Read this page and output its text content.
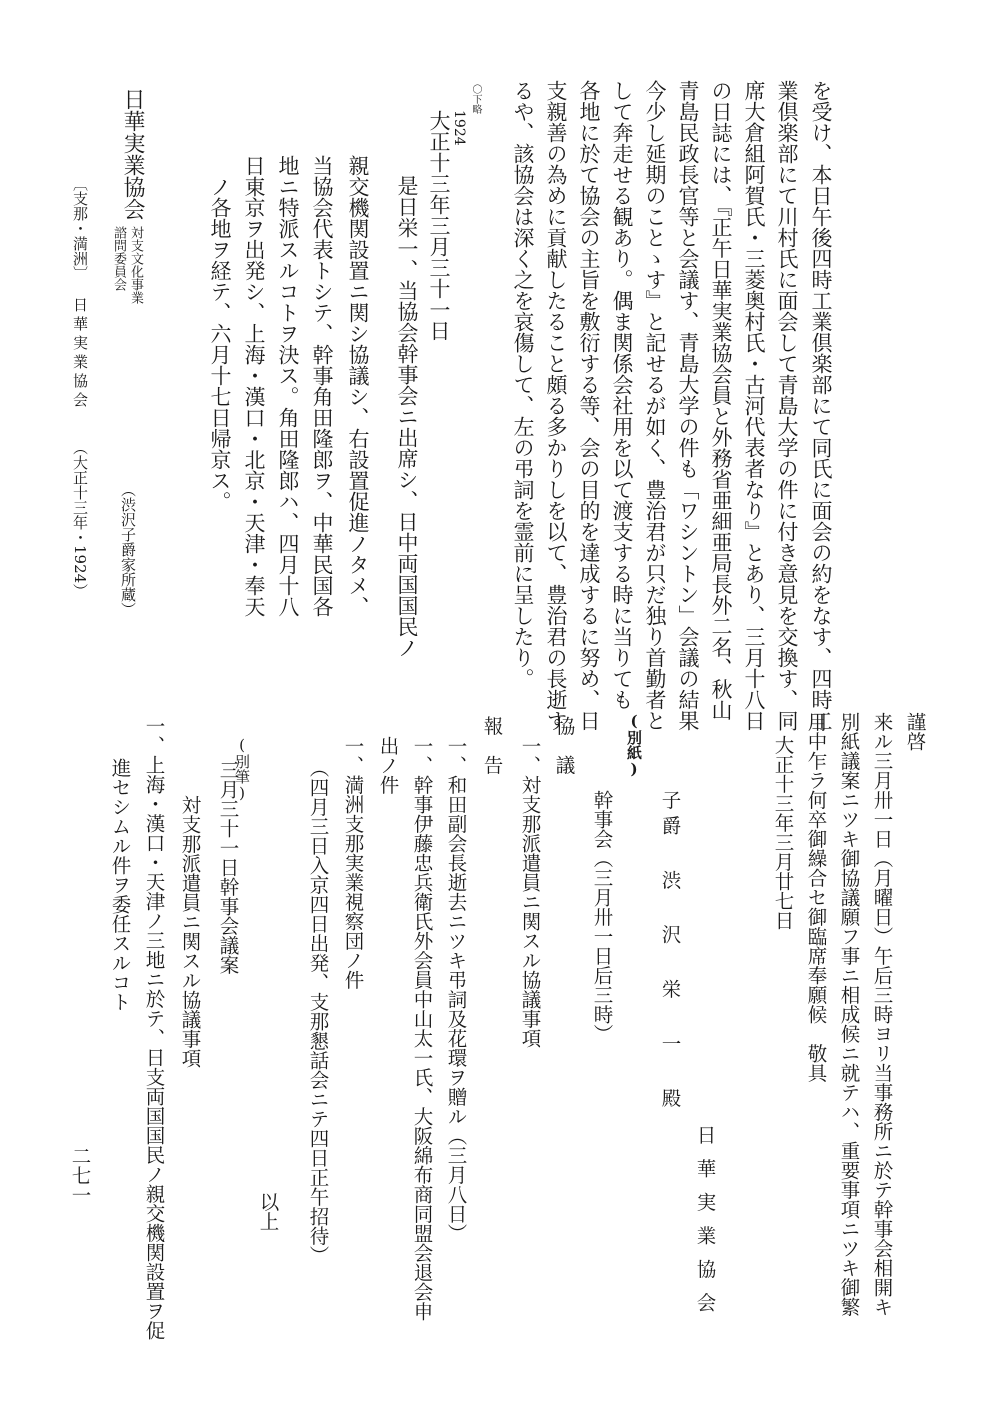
を受け、本日午後四時工業倶楽部にて同氏に面会の約をなす、四時工
業倶楽部にて川村氏に面会して青島大学の件に付き意見を交換す、同
席大倉組阿賀氏・三菱奥村氏・古河代表者なり』とあり、三月十八日
の日誌には、『正午日華実業協会員と外務省亜細亜局長外二名、秋山
青島民政長官等と会議す、青島大学の件も「ワシントン」会議の結果
今少し延期のことゝす』と記せるが如く、豊治君が只だ独り首勤者と
して奔走せる観あり。偶ま関係会社用を以て渡支する時に当りても
各地に於て協会の主旨を敷衍する等、会の目的を達成するに努め、日
支親善の為めに貢献したること頗る多かりしを以て、豊治君の長逝す
るや、該協会は深く之を哀傷して、左の弔詞を霊前に呈したり。
〇下略
1924
大正十三年三月三十一日
是日栄一、当協会幹事会ニ出席シ、日中両国国民ノ
親交機関設置ニ関シ協議シ、右設置促進ノタメ、
当協会代表トシテ、幹事角田隆郎ヲ、中華民国各
地ニ特派スルコトヲ決ス。角田隆郎ハ、四月十八
日東京ヲ出発シ、上海・漢口・北京・天津・奉天
ノ各地ヲ経テ、六月十七日帰京ス。
日華実業協会
対支文化事業
諮問委員会
〔支那・満洲〕
日華実業協会
（大正十三年・1924） （渋沢子爵家所蔵）
謹啓
来ル三月卅一日（月曜日）午后三時ヨリ当事務所ニ於テ幹事会相開キ
別紙議案ニツキ御協議願フ事ニ相成候ニ就テハ、重要事項ニツキ御繁
用中乍ラ何卒御繰合セ御臨席奉願候　敬具
大正十三年三月廿七日
日華実業協会
子爵 渋 沢 栄 一 殿
(別紙)
幹事会（三月卅一日后三時）
協　議
一、対支那派遣員ニ関スル協議事項
報　告
一、和田副会長逝去ニツキ弔詞及花環ヲ贈ル（三月八日）
一、幹事伊藤忠兵衛氏外会員中山太一氏、大阪綿布商同盟会退会申
出ノ件
一、満洲支那実業視察団ノ件
（四月三日入京四日出発、支那懇話会ニテ四日正午招待）
以上
(別筆)
三月三十一日幹事会議案
対支那派遣員ニ関スル協議事項
一、上海・漢口・天津ノ三地ニ於テ、日支両国国民ノ親交機関設置ヲ促
進セシムル件ヲ委任スルコト
二七一
